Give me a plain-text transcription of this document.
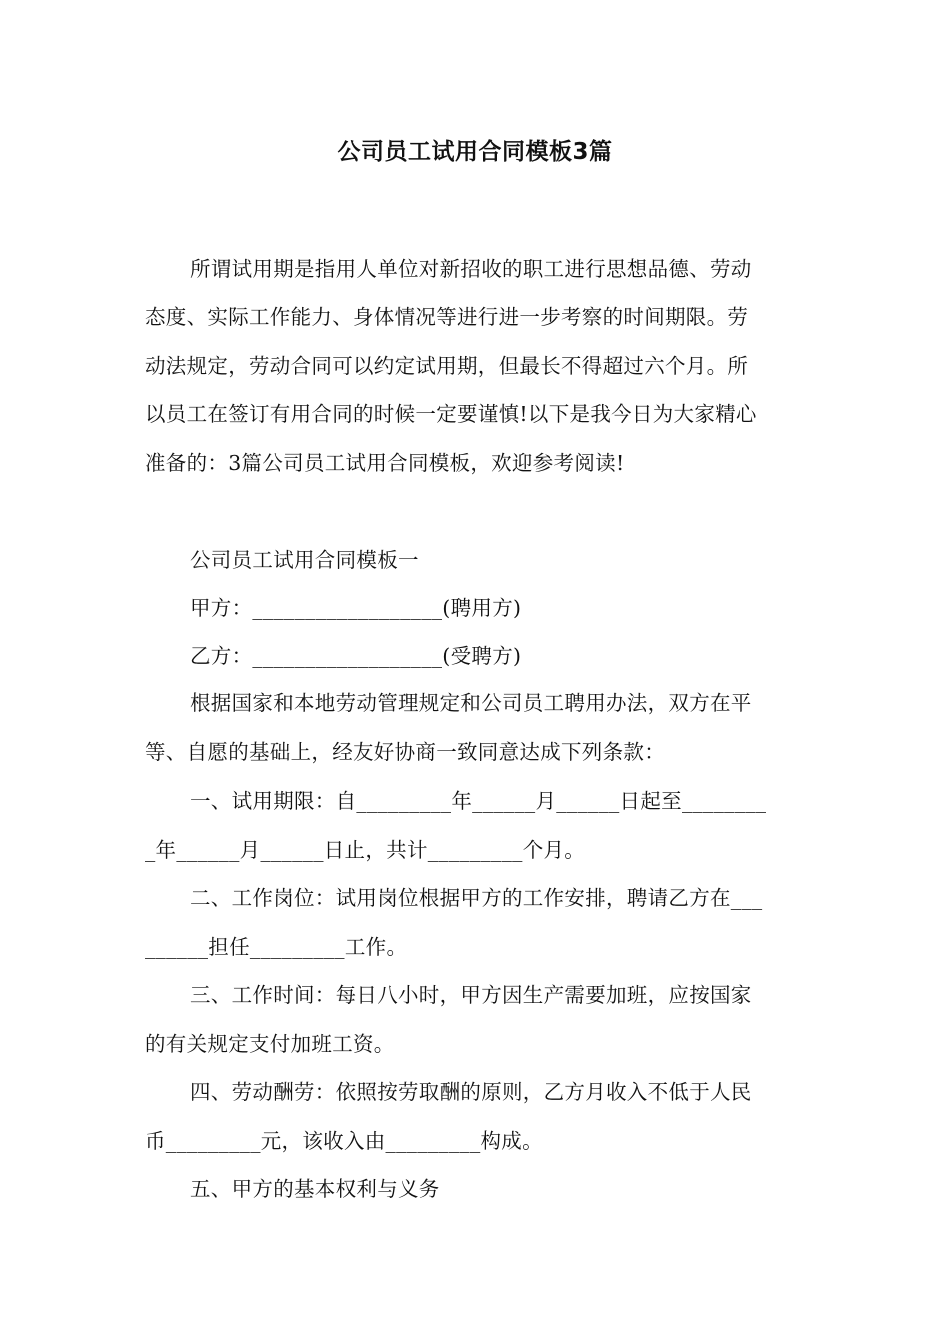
公司员工试用合同模板3篇
所谓试用期是指用人单位对新招收的职工进行思想品德、劳动
态度、实际工作能力、身体情况等进行进一步考察的时间期限。劳
动法规定，劳动合同可以约定试用期，但最长不得超过六个月。所
以员工在签订有用合同的时候一定要谨慎!以下是我今日为大家精心
准备的：3篇公司员工试用合同模板，欢迎参考阅读!
公司员工试用合同模板一
甲方：__________________(聘用方)
乙方：__________________(受聘方)
根据国家和本地劳动管理规定和公司员工聘用办法，双方在平
等、自愿的基础上，经友好协商一致同意达成下列条款：
一、试用期限：自_________年______月______日起至________
_年______月______日止，共计_________个月。
二、工作岗位：试用岗位根据甲方的工作安排，聘请乙方在___
______担任_________工作。
三、工作时间：每日八小时，甲方因生产需要加班，应按国家
的有关规定支付加班工资。
四、劳动酬劳：依照按劳取酬的原则，乙方月收入不低于人民
币_________元，该收入由_________构成。
五、甲方的基本权利与义务
